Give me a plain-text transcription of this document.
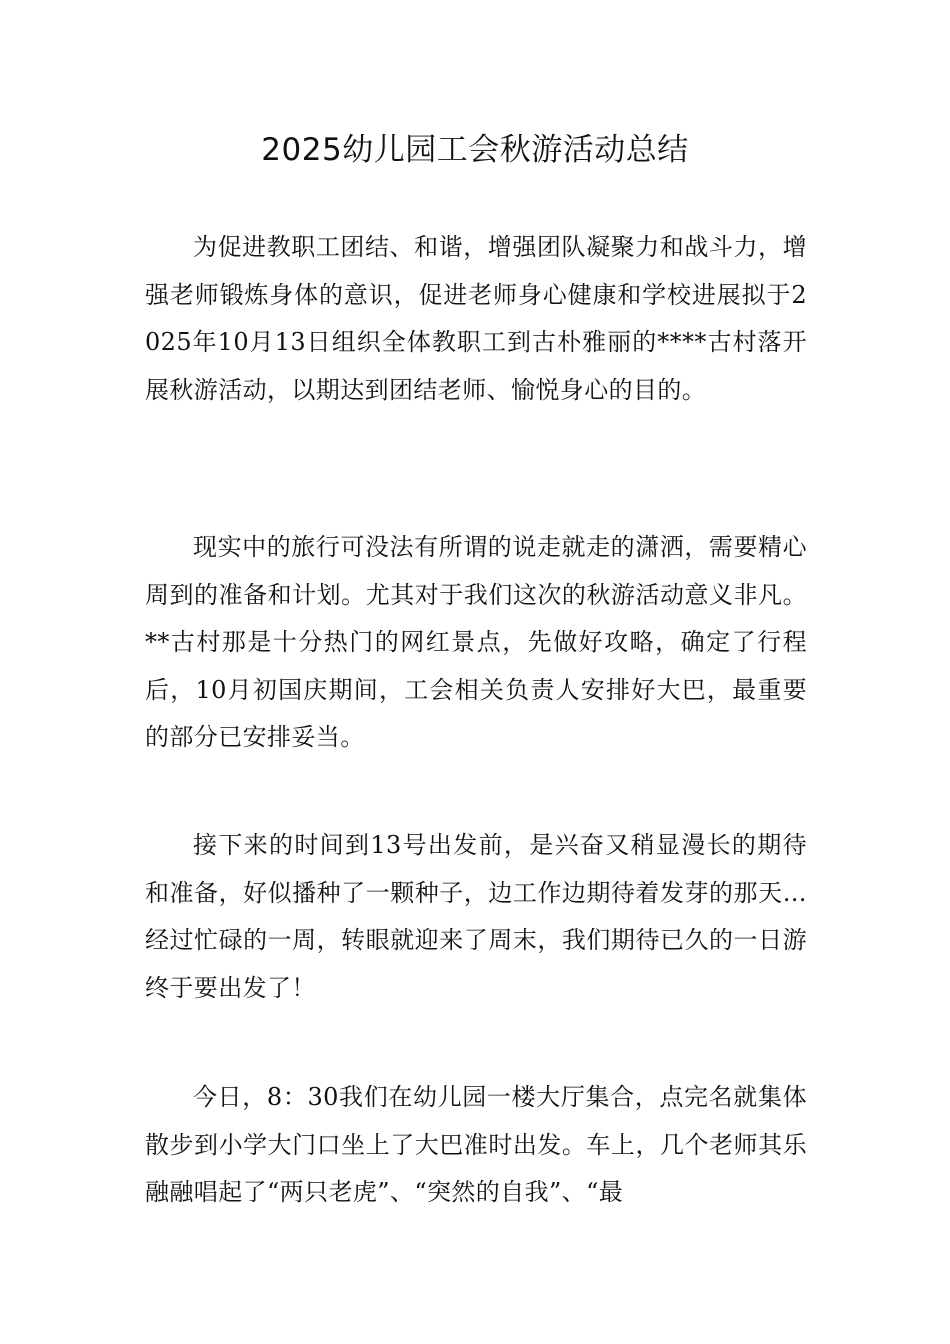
2025幼儿园工会秋游活动总结

为促进教职工团结、和谐，增强团队凝聚力和战斗力，增强老师锻炼身体的意识，促进老师身心健康和学校进展拟于2025年10月13日组织全体教职工到古朴雅丽的****古村落开展秋游活动，以期达到团结老师、愉悦身心的目的。

现实中的旅行可没法有所谓的说走就走的潇洒，需要精心周到的准备和计划。尤其对于我们这次的秋游活动意义非凡。**古村那是十分热门的网红景点，先做好攻略，确定了行程后，10月初国庆期间，工会相关负责人安排好大巴，最重要的部分已安排妥当。

接下来的时间到13号出发前，是兴奋又稍显漫长的期待和准备，好似播种了一颗种子，边工作边期待着发芽的那天…经过忙碌的一周，转眼就迎来了周末，我们期待已久的一日游终于要出发了！

今日，8：30我们在幼儿园一楼大厅集合，点完名就集体散步到小学大门口坐上了大巴准时出发。车上，几个老师其乐融融唱起了“两只老虎”、“突然的自我”、“最
